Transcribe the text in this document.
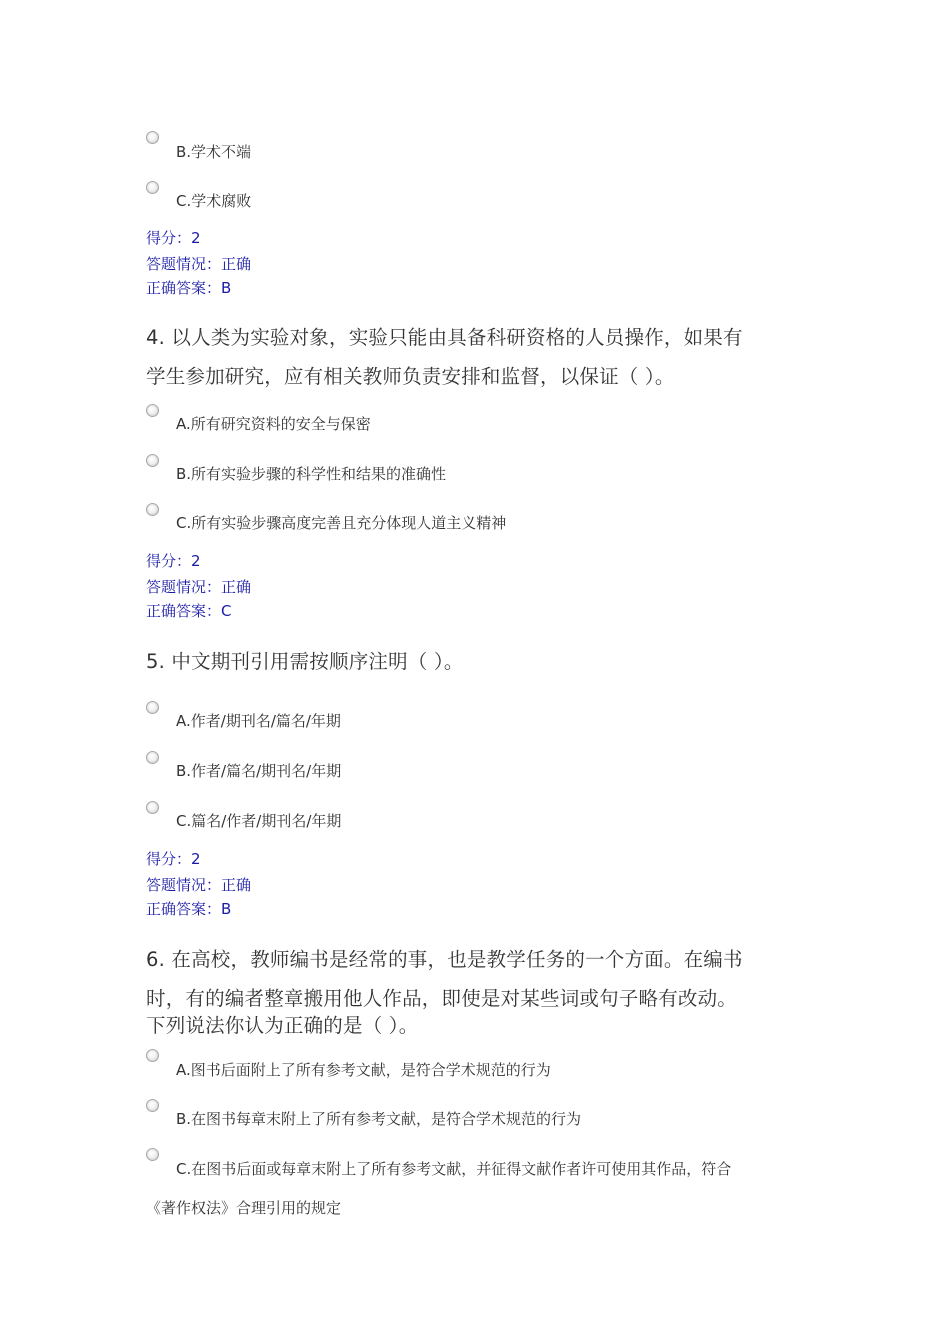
B.学术不端
C.学术腐败
得分：2
答题情况：正确
正确答案：B
4. 以人类为实验对象，实验只能由具备科研资格的人员操作，如果有
学生参加研究，应有相关教师负责安排和监督，以保证（ ）。
A.所有研究资料的安全与保密
B.所有实验步骤的科学性和结果的准确性
C.所有实验步骤高度完善且充分体现人道主义精神
得分：2
答题情况：正确
正确答案：C
5. 中文期刊引用需按顺序注明（ ）。
A.作者/期刊名/篇名/年期
B.作者/篇名/期刊名/年期
C.篇名/作者/期刊名/年期
得分：2
答题情况：正确
正确答案：B
6. 在高校，教师编书是经常的事，也是教学任务的一个方面。在编书
时，有的编者整章搬用他人作品，即使是对某些词或句子略有改动。
下列说法你认为正确的是（ ）。
A.图书后面附上了所有参考文献，是符合学术规范的行为
B.在图书每章末附上了所有参考文献，是符合学术规范的行为
C.在图书后面或每章末附上了所有参考文献，并征得文献作者许可使用其作品，符合
《著作权法》合理引用的规定
